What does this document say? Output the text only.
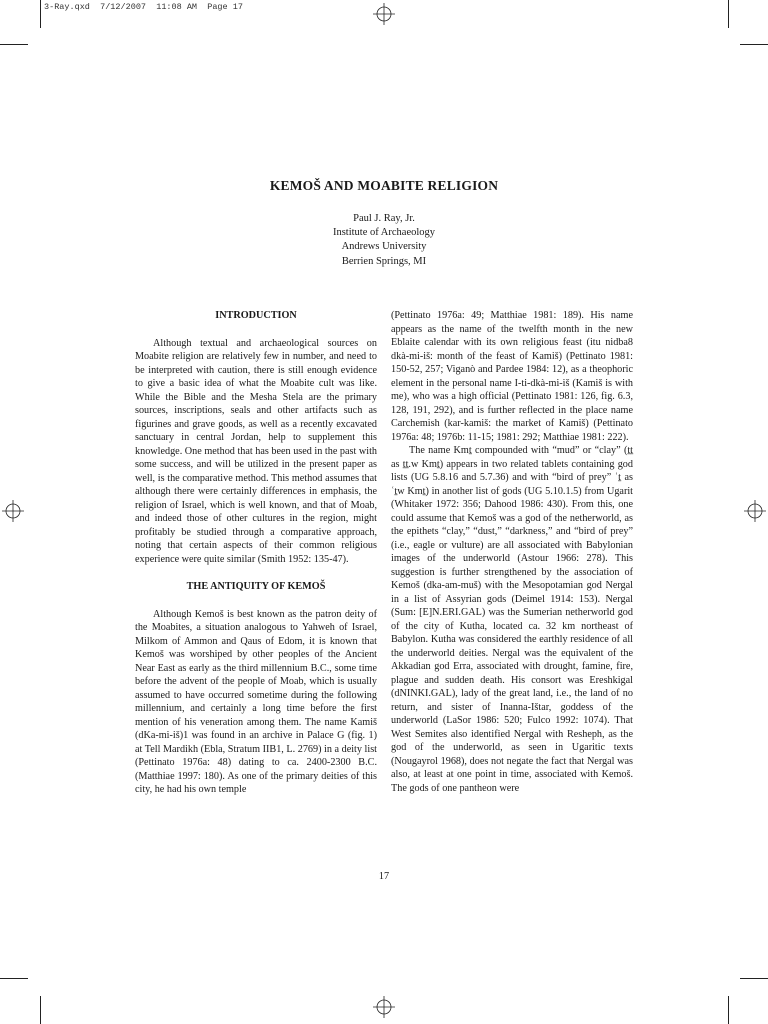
3-Ray.qxd  7/12/2007  11:08 AM  Page 17
KEMOŠ AND MOABITE RELIGION
Paul J. Ray, Jr.
Institute of Archaeology
Andrews University
Berrien Springs, MI
INTRODUCTION

Although textual and archaeological sources on Moabite religion are relatively few in number, and need to be interpreted with caution, there is still enough evidence to give a basic idea of what the Moabite cult was like. While the Bible and the Mesha Stela are the primary sources, inscriptions, seals and other artifacts such as figurines and grave goods, as well as a recently excavated sanctuary in central Jordan, help to supplement this knowledge. One method that has been used in the past with some success, and will be utilized in the present paper as well, is the comparative method. This method assumes that although there were certainly differences in emphasis, the religion of Israel, which is well known, and that of Moab, and indeed those of other cultures in the region, might profitably be studied through a comparative approach, noting that certain aspects of their common religious experience were quite similar (Smith 1952: 135-47).

THE ANTIQUITY OF KEMOŠ

Although Kemoš is best known as the patron deity of the Moabites, a situation analogous to Yahweh of Israel, Milkom of Ammon and Qaus of Edom, it is known that Kemoš was worshiped by other peoples of the Ancient Near East as early as the third millennium B.C., some time before the advent of the people of Moab, which is usually assumed to have occurred sometime during the following millennium, and certainly a long time before the first mention of his veneration among them. The name Kamiš (dKa-mi-iš)1 was found in an archive in Palace G (fig. 1) at Tell Mardikh (Ebla, Stratum IIB1, L. 2769) in a deity list (Pettinato 1976a: 48) dating to ca. 2400-2300 B.C. (Matthiae 1997: 180). As one of the primary deities of this city, he had his own temple

(Pettinato 1976a: 49; Matthiae 1981: 189). His name appears as the name of the twelfth month in the new Eblaite calendar with its own religious feast (itu nidba8 dkà-mi-iš: month of the feast of Kamiš) (Pettinato 1981: 150-52, 257; Viganò and Pardee 1984: 12), as a theophoric element in the personal name I-ti-dkà-mi-iš (Kamiš is with me), who was a high official (Pettinato 1981: 126, fig. 6.3, 128, 191, 292), and is further reflected in the place name Carchemish (kar-kamiš: the market of Kamiš) (Pettinato 1976a: 48; 1976b: 11-15; 1981: 292; Matthiae 1981: 222).

The name Kmṯ compounded with “mud” or “clay” (ṯṯ as ṯṯ.w Kmṯ) appears in two related tablets containing god lists (UG 5.8.16 and 5.7.36) and with “bird of prey” ʿṯ as ʿṯw Kmṯ) in another list of gods (UG 5.10.1.5) from Ugarit (Whitaker 1972: 356; Dahood 1986: 430). From this, one could assume that Kemoš was a god of the netherworld, as the epithets “clay,” “dust,” “darkness,” and “bird of prey” (i.e., eagle or vulture) are all associated with Babylonian images of the underworld (Astour 1966: 278). This suggestion is further strengthened by the association of Kemoš (dka-am-muš) with the Mesopotamian god Nergal in a list of Assyrian gods (Deimel 1914: 153). Nergal (Sum: [E]N.ERI.GAL) was the Sumerian netherworld god of the city of Kutha, located ca. 32 km northeast of Babylon. Kutha was considered the earthly residence of all the underworld deities. Nergal was the equivalent of the Akkadian god Erra, associated with drought, famine, fire, plague and sudden death. His consort was Ereshkigal (dNINKI.GAL), lady of the great land, i.e., the land of no return, and sister of Inanna-Ištar, goddess of the underworld (LaSor 1986: 520; Fulco 1992: 1074). That West Semites also identified Nergal with Resheph, as the god of the underworld, as seen in Ugaritic texts (Nougayrol 1968), does not negate the fact that Nergal was also, at least at one point in time, associated with Kemoš. The gods of one pantheon were

17
